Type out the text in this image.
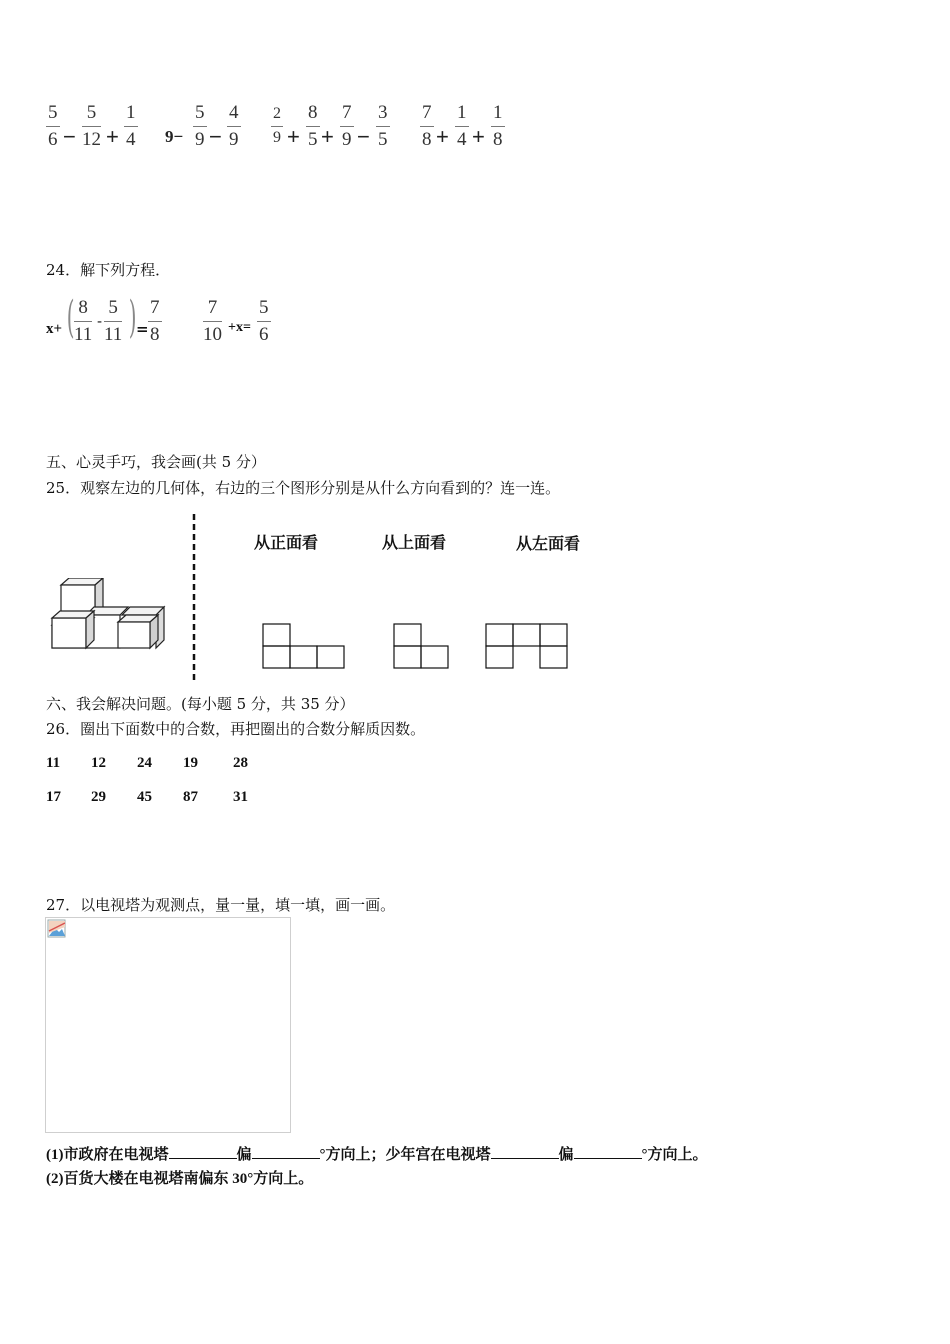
5
6 −
5
12 +
1
4 9−
5
9 −
4
9
2
9 +
8
5 +
7
9 −
3
5
7
8 +
1
4 +
1
8
24．解下列方程．
x+ ( 8
11
-
5
11 ) =
7
8
7
10 +x=
5
6
五、心灵手巧，我会画(共 5 分）
25．观察左边的几何体，右边的三个图形分别是从什么方向看到的？连一连。
从正面看	从上面看	从左面看
六、我会解决问题。(每小题 5 分，共 35 分）
26．圈出下面数中的合数，再把圈出的合数分解质因数。
11 12 24 19 28
17 29 45 87 31
27．以电视塔为观测点，量一量，填一填，画一画。
(1)市政府在电视塔	偏	°方向上；少年宫在电视塔	偏	°方向上。
(2)百货大楼在电视塔南偏东 30°方向上。
